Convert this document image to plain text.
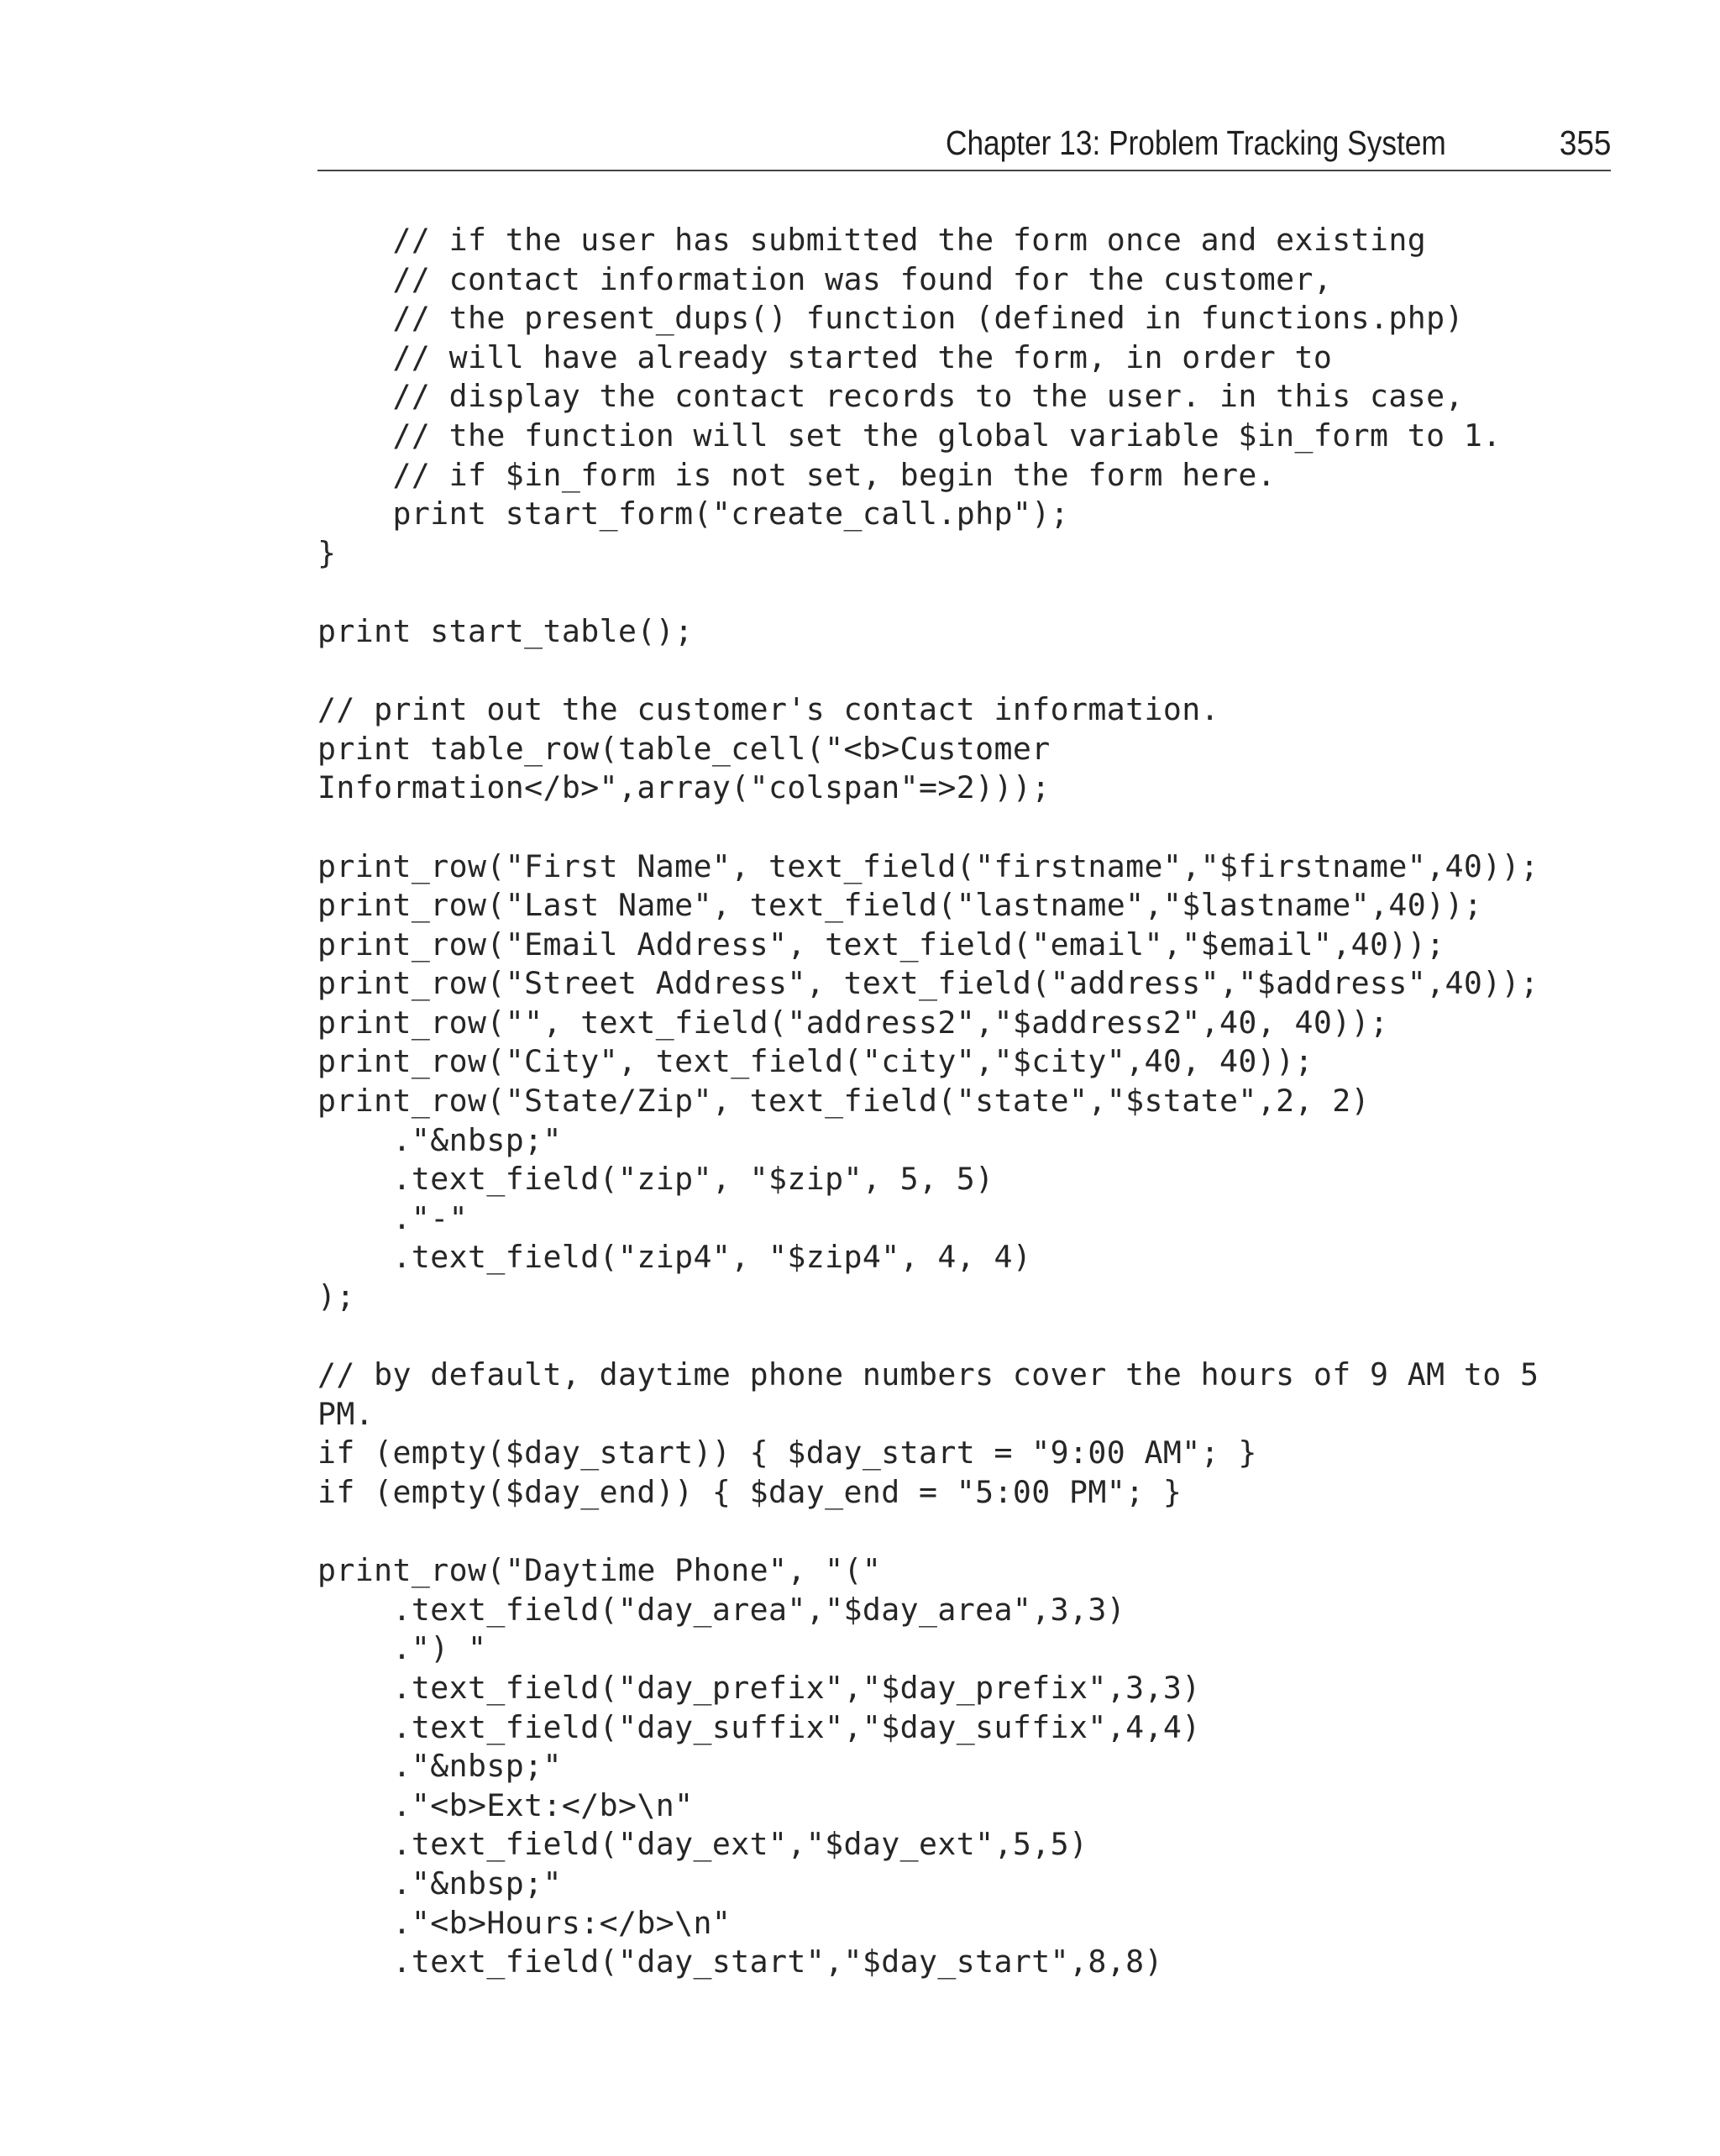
Chapter 13: Problem Tracking System	355
// if the user has submitted the form once and existing
// contact information was found for the customer,
// the present_dups() function (defined in functions.php)
// will have already started the form, in order to
// display the contact records to the user. in this case,
// the function will set the global variable $in_form to 1.
// if $in_form is not set, begin the form here.
print start_form("create_call.php");
}
print start_table();
// print out the customer's contact information.
print table_row(table_cell("<b>Customer
Information</b>",array("colspan"=>2)));
print_row("First Name", text_field("firstname","$firstname",40));
print_row("Last Name", text_field("lastname","$lastname",40));
print_row("Email Address", text_field("email","$email",40));
print_row("Street Address", text_field("address","$address",40));
print_row("", text_field("address2","$address2",40, 40));
print_row("City", text_field("city","$city",40, 40));
print_row("State/Zip", text_field("state","$state",2, 2)
."&nbsp;"
.text_field("zip", "$zip", 5, 5)
."-"
.text_field("zip4", "$zip4", 4, 4)
);
// by default, daytime phone numbers cover the hours of 9 AM to 5
PM.
if (empty($day_start)) { $day_start = "9:00 AM"; }
if (empty($day_end)) { $day_end = "5:00 PM"; }
print_row("Daytime Phone", "("
.text_field("day_area","$day_area",3,3)
.") "
.text_field("day_prefix","$day_prefix",3,3)
.text_field("day_suffix","$day_suffix",4,4)
."&nbsp;"
."<b>Ext:</b>\n"
.text_field("day_ext","$day_ext",5,5)
."&nbsp;"
."<b>Hours:</b>\n"
.text_field("day_start","$day_start",8,8)
